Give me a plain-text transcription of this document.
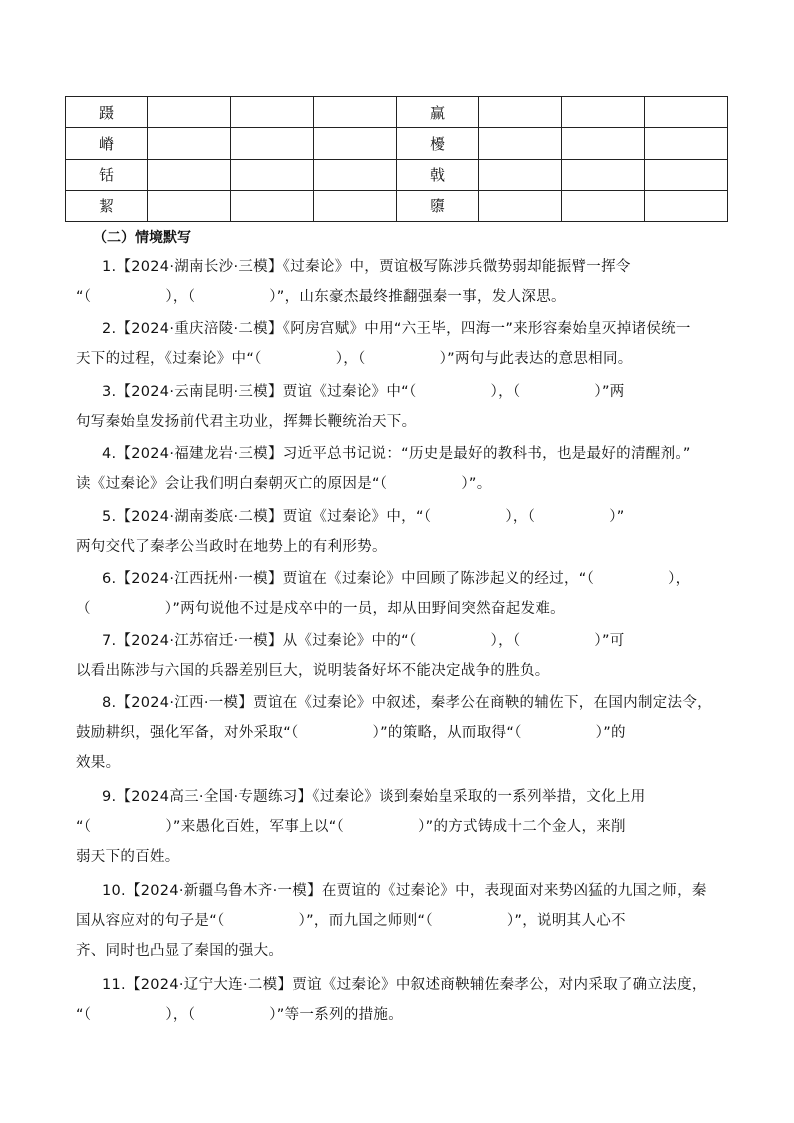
蹑				赢			
嵴				櫌			
铦				戟			
絜				隳			
（二）情境默写
1.【2024·湖南长沙·三模】《过秦论》中，贾谊极写陈涉兵微势弱却能振臂一挥令
“（　　　　　），（　　　　　）”，山东豪杰最终推翻强秦一事，发人深思。
2.【2024·重庆涪陵·二模】《阿房宫赋》中用“六王毕，四海一”来形容秦始皇灭掉诸侯统一
天下的过程，《过秦论》中“（　　　　　），（　　　　　）”两句与此表达的意思相同。
3.【2024·云南昆明·三模】贾谊《过秦论》中“（　　　　　），（　　　　　）”两
句写秦始皇发扬前代君主功业，挥舞长鞭统治天下。
4.【2024·福建龙岩·三模】习近平总书记说：“历史是最好的教科书，也是最好的清醒剂。”
读《过秦论》会让我们明白秦朝灭亡的原因是“（　　　　　）”。
5.【2024·湖南娄底·二模】贾谊《过秦论》中，“（　　　　　），（　　　　　）”
两句交代了秦孝公当政时在地势上的有利形势。
6.【2024·江西抚州·一模】贾谊在《过秦论》中回顾了陈涉起义的经过，“（　　　　　），
（　　　　　）”两句说他不过是戍卒中的一员，却从田野间突然奋起发难。
7.【2024·江苏宿迁·一模】从《过秦论》中的“（　　　　　），（　　　　　）”可
以看出陈涉与六国的兵器差别巨大，说明装备好坏不能决定战争的胜负。
8.【2024·江西·一模】贾谊在《过秦论》中叙述，秦孝公在商鞅的辅佐下，在国内制定法令，
鼓励耕织，强化军备，对外采取“（　　　　　）”的策略，从而取得“（　　　　　）”的
效果。
9.【2024高三·全国·专题练习】《过秦论》谈到秦始皇采取的一系列举措，文化上用
“（　　　　　）”来愚化百姓，军事上以“（　　　　　）”的方式铸成十二个金人，来削
弱天下的百姓。
10.【2024·新疆乌鲁木齐·一模】在贾谊的《过秦论》中，表现面对来势凶猛的九国之师，秦
国从容应对的句子是“（　　　　　）”，而九国之师则“（　　　　　）”，说明其人心不
齐、同时也凸显了秦国的强大。
11.【2024·辽宁大连·二模】贾谊《过秦论》中叙述商鞅辅佐秦孝公，对内采取了确立法度，
“（　　　　　），（　　　　　）”等一系列的措施。
